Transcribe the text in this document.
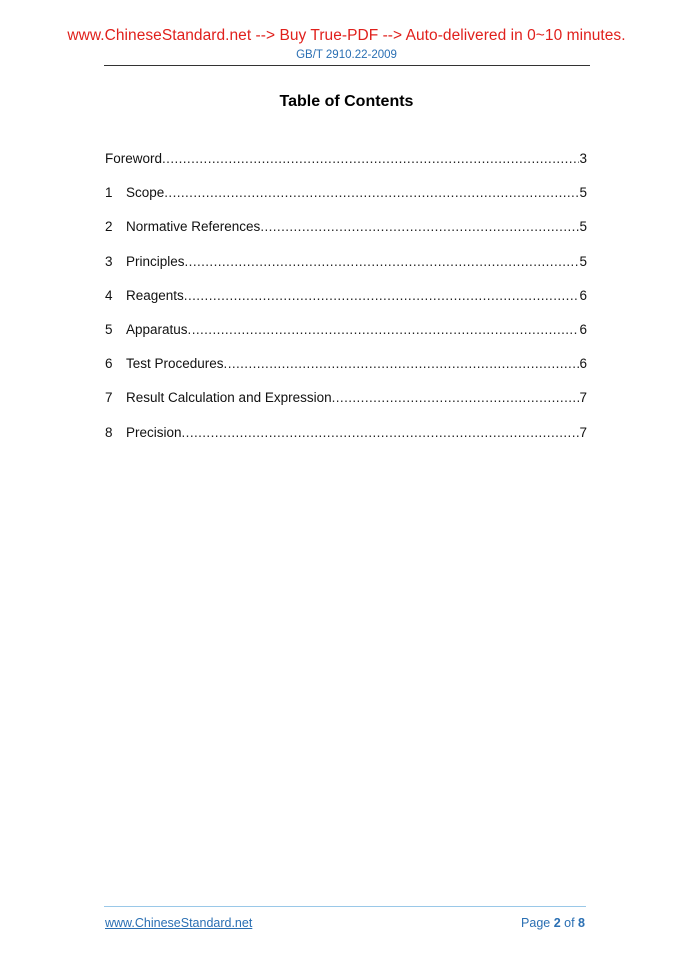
www.ChineseStandard.net --> Buy True-PDF --> Auto-delivered in 0~10 minutes.
GB/T 2910.22-2009
Table of Contents
Foreword .....	3
1 Scope .....	5
2 Normative References .....	5
3 Principles .....	5
4 Reagents .....	6
5 Apparatus .....	6
6 Test Procedures .....	6
7 Result Calculation and Expression .....	7
8 Precision .....	7
www.ChineseStandard.net	Page 2 of 8
